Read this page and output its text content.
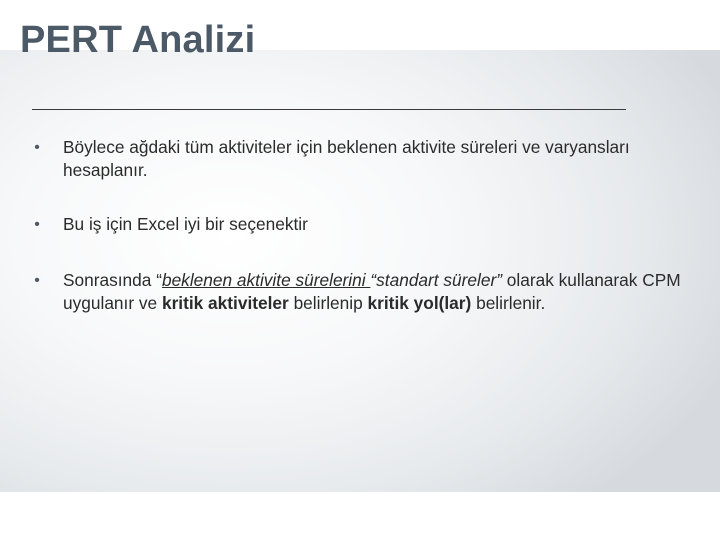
PERT Analizi
• Böylece ağdaki tüm aktiviteler için beklenen aktivite süreleri ve varyansları hesaplanır.
• Bu iş için Excel iyi bir seçenektir
• Sonrasında “beklenen aktivite sürelerini “standart süreler” olarak kullanarak CPM uygulanır ve kritik aktiviteler belirlenip kritik yol(lar) belirlenir.
